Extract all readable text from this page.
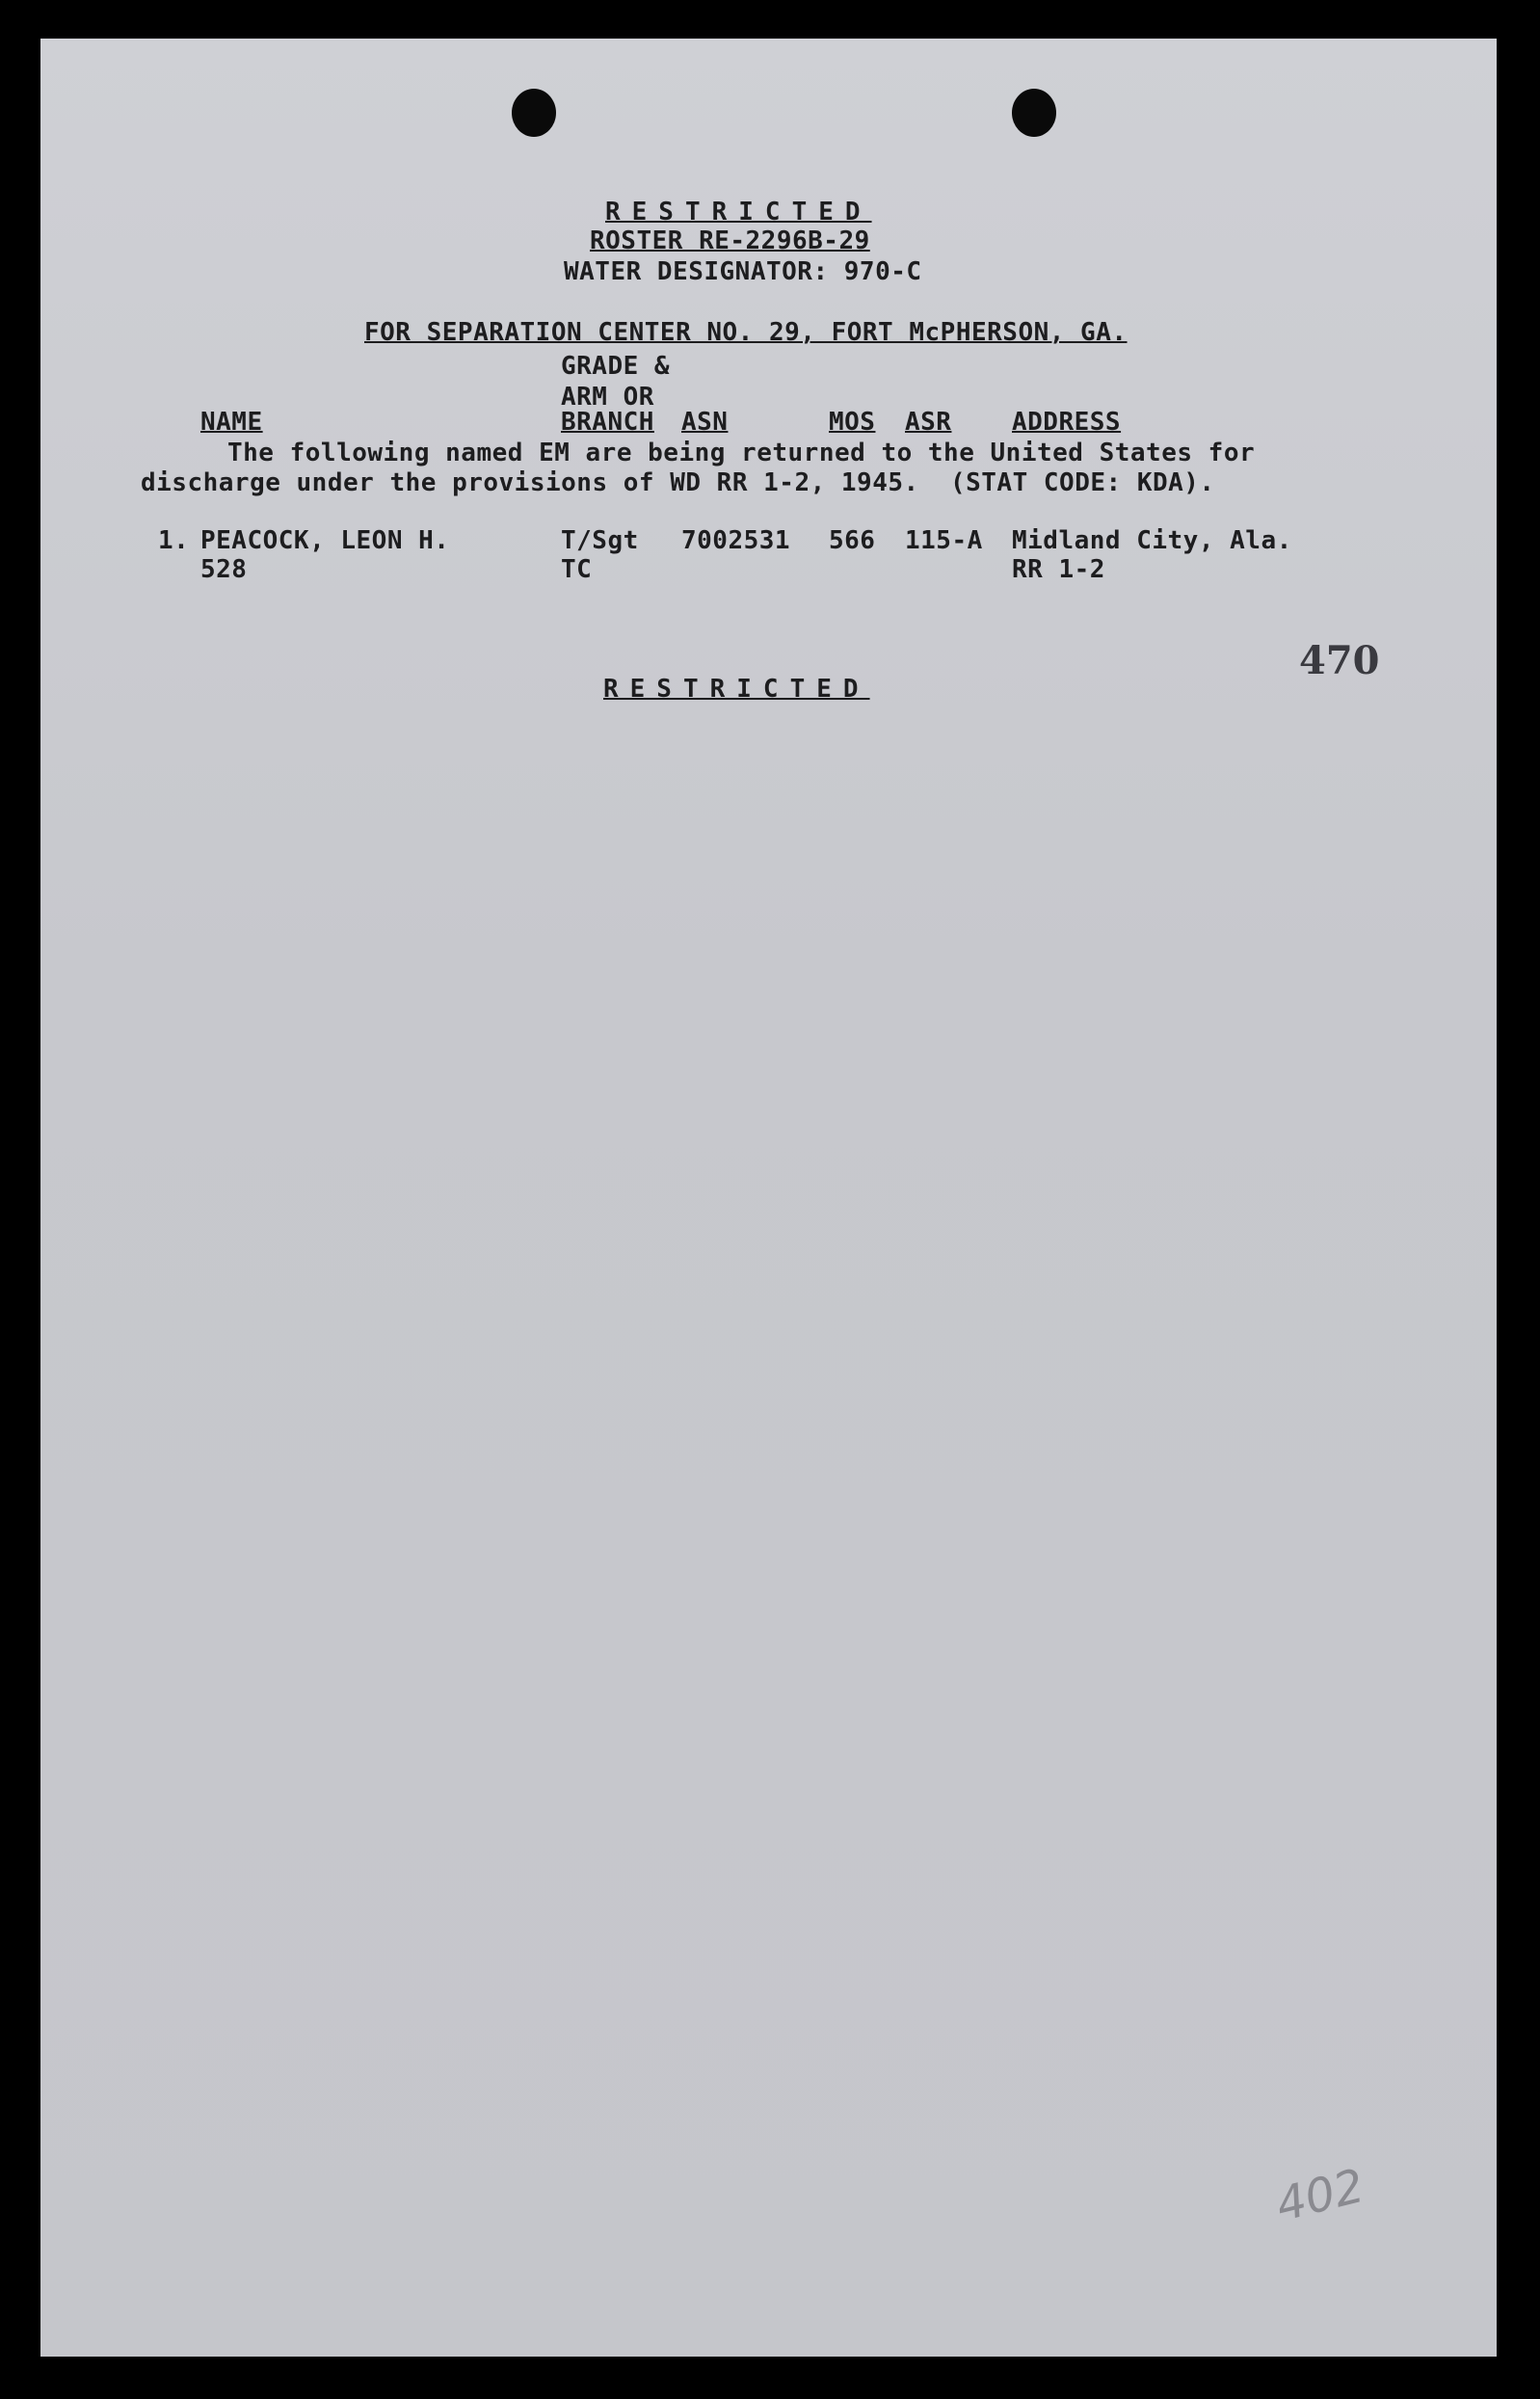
RESTRICTED
ROSTER RE-2296B-29
WATER DESIGNATOR: 970-C
FOR SEPARATION CENTER NO. 29, FORT McPHERSON, GA.
GRADE &
ARM OR
NAME	BRANCH ASN	MOS ASR ADDRESS
The following named EM are being returned to the United States for
discharge under the provisions of WD RR 1-2, 1945.  (STAT CODE: KDA).
1. PEACOCK, LEON H.	T/Sgt 7002531 566 115-A Midland City, Ala.
528	TC	RR 1-2
470
RESTRICTED
402
